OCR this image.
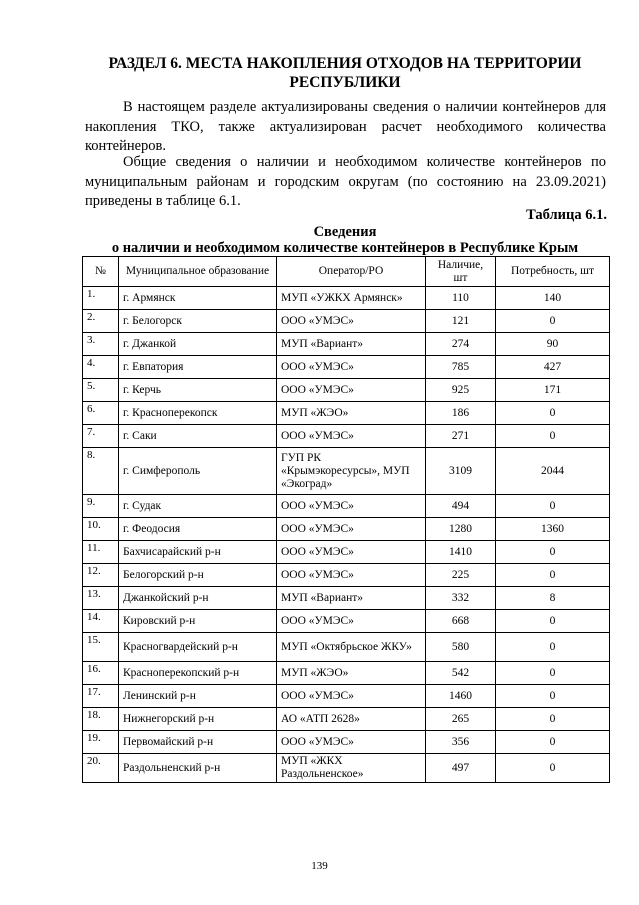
РАЗДЕЛ 6. МЕСТА НАКОПЛЕНИЯ ОТХОДОВ НА ТЕРРИТОРИИ РЕСПУБЛИКИ
В настоящем разделе актуализированы сведения о наличии контейнеров для накопления ТКО, также актуализирован расчет необходимого количества контейнеров.
Общие сведения о наличии и необходимом количестве контейнеров по муниципальным районам и городским округам (по состоянию на 23.09.2021) приведены в таблице 6.1.
Таблица 6.1.
Сведения
о наличии и необходимом количестве контейнеров в Республике Крым
№	Муниципальное образование	Оператор/РО	Наличие, шт	Потребность, шт
1.	г. Армянск	МУП «УЖКХ Армянск»	110	140
2.	г. Белогорск	ООО «УМЭС»	121	0
3.	г. Джанкой	МУП «Вариант»	274	90
4.	г. Евпатория	ООО «УМЭС»	785	427
5.	г. Керчь	ООО «УМЭС»	925	171
6.	г. Красноперекопск	МУП «ЖЭО»	186	0
7.	г. Саки	ООО «УМЭС»	271	0
8.	г. Симферополь	ГУП РК «Крымэкоресурсы», МУП «Экоград»	3109	2044
9.	г. Судак	ООО «УМЭС»	494	0
10.	г. Феодосия	ООО «УМЭС»	1280	1360
11.	Бахчисарайский р-н	ООО «УМЭС»	1410	0
12.	Белогорский р-н	ООО «УМЭС»	225	0
13.	Джанкойский р-н	МУП «Вариант»	332	8
14.	Кировский р-н	ООО «УМЭС»	668	0
15.	Красногвардейский р-н	МУП «Октябрьское ЖКУ»	580	0
16.	Красноперекопский р-н	МУП «ЖЭО»	542	0
17.	Ленинский р-н	ООО «УМЭС»	1460	0
18.	Нижнегорский р-н	АО «АТП 2628»	265	0
19.	Первомайский р-н	ООО «УМЭС»	356	0
20.	Раздольненский р-н	МУП «ЖКХ Раздольненское»	497	0
139
